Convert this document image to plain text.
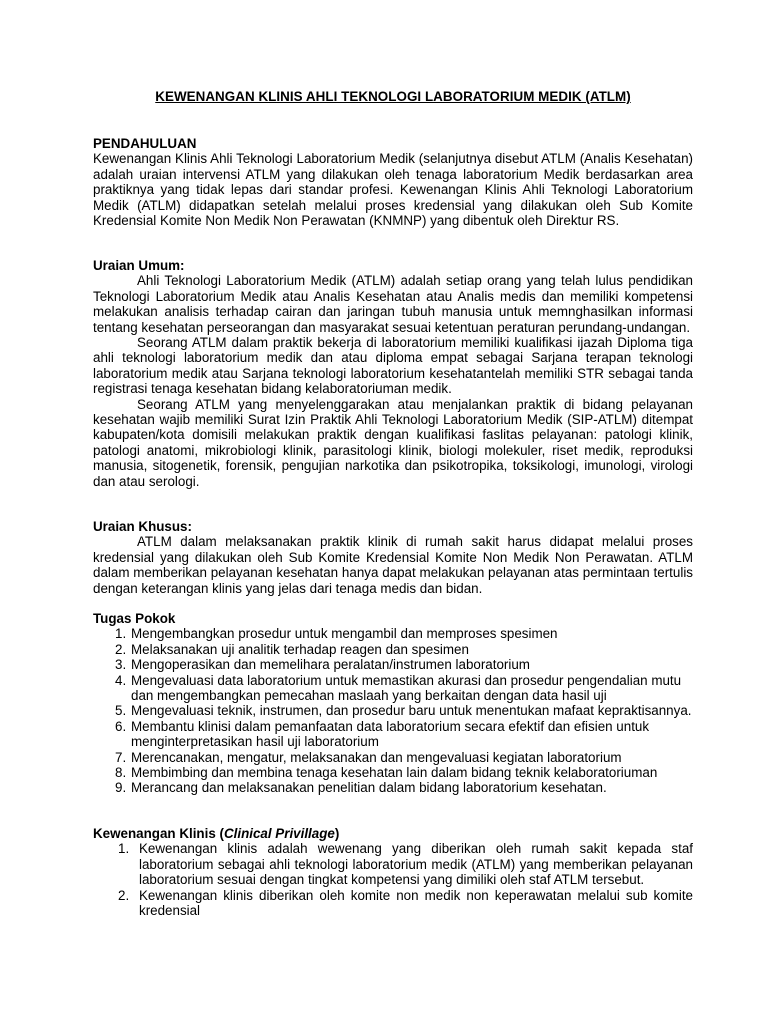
KEWENANGAN KLINIS AHLI TEKNOLOGI LABORATORIUM MEDIK (ATLM)

PENDAHULUAN

Kewenangan Klinis Ahli Teknologi Laboratorium Medik (selanjutnya disebut ATLM (Analis Kesehatan) adalah uraian intervensi ATLM yang dilakukan oleh tenaga laboratorium Medik berdasarkan area praktiknya yang tidak lepas dari standar profesi. Kewenangan Klinis Ahli Teknologi Laboratorium Medik (ATLM) didapatkan setelah melalui proses kredensial yang dilakukan oleh Sub Komite Kredensial Komite Non Medik Non Perawatan (KNMNP) yang dibentuk oleh Direktur RS.

Uraian Umum:

Ahli Teknologi Laboratorium Medik (ATLM) adalah setiap orang yang telah lulus pendidikan Teknologi Laboratorium Medik atau Analis Kesehatan atau Analis medis dan memiliki kompetensi melakukan analisis terhadap cairan dan jaringan tubuh manusia untuk memnghasilkan informasi tentang kesehatan perseorangan dan masyarakat sesuai ketentuan peraturan perundang-undangan.

Seorang ATLM dalam praktik bekerja di laboratorium memiliki kualifikasi ijazah Diploma tiga ahli teknologi laboratorium medik dan atau diploma empat sebagai Sarjana terapan teknologi laboratorium medik atau Sarjana teknologi laboratorium kesehatantelah memiliki STR sebagai tanda registrasi tenaga kesehatan bidang kelaboratoriuman medik.

Seorang ATLM yang menyelenggarakan atau menjalankan praktik di bidang pelayanan kesehatan wajib memiliki Surat Izin Praktik Ahli Teknologi Laboratorium Medik (SIP-ATLM) ditempat kabupaten/kota domisili melakukan praktik dengan kualifikasi faslitas pelayanan: patologi klinik, patologi anatomi, mikrobiologi klinik, parasitologi klinik, biologi molekuler, riset medik, reproduksi manusia, sitogenetik, forensik, pengujian narkotika dan psikotropika, toksikologi, imunologi, virologi dan atau serologi.

Uraian Khusus:

ATLM dalam melaksanakan praktik klinik di rumah sakit harus didapat melalui proses kredensial yang dilakukan oleh Sub Komite Kredensial Komite Non Medik Non Perawatan. ATLM dalam memberikan pelayanan kesehatan hanya dapat melakukan pelayanan atas permintaan tertulis dengan keterangan klinis yang jelas dari tenaga medis dan bidan.

Tugas Pokok

1. Mengembangkan prosedur untuk mengambil dan memproses spesimen
2. Melaksanakan uji analitik terhadap reagen dan spesimen
3. Mengoperasikan dan memelihara peralatan/instrumen laboratorium
4. Mengevaluasi data laboratorium untuk memastikan akurasi dan prosedur pengendalian mutu dan mengembangkan pemecahan maslaah yang berkaitan dengan data hasil uji
5. Mengevaluasi teknik, instrumen, dan prosedur baru untuk menentukan mafaat kepraktisannya.
6. Membantu klinisi dalam pemanfaatan data laboratorium secara efektif dan efisien untuk menginterpretasikan hasil uji laboratorium
7. Merencanakan, mengatur, melaksanakan dan mengevaluasi kegiatan laboratorium
8. Membimbing dan membina tenaga kesehatan lain dalam bidang teknik kelaboratoriuman
9. Merancang dan melaksanakan penelitian dalam bidang laboratorium kesehatan.

Kewenangan Klinis (Clinical Privillage)

1. Kewenangan klinis adalah wewenang yang diberikan oleh rumah sakit kepada staf laboratorium sebagai ahli teknologi laboratorium medik (ATLM) yang memberikan pelayanan laboratorium sesuai dengan tingkat kompetensi yang dimiliki oleh staf ATLM tersebut.
2. Kewenangan klinis diberikan oleh komite non medik non keperawatan melalui sub komite kredensial
